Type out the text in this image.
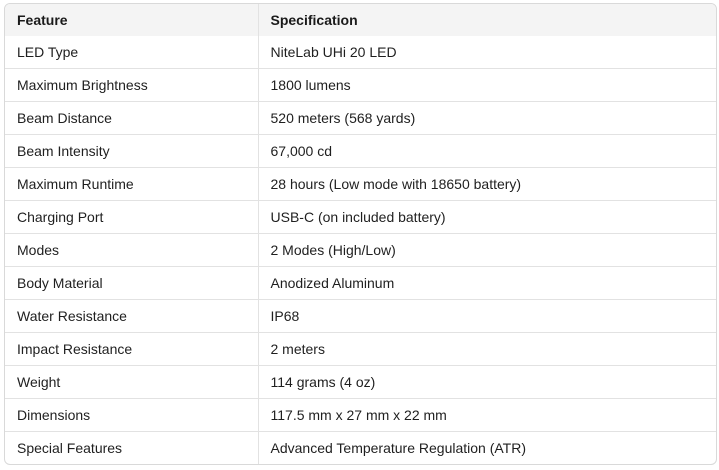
Feature	Specification
LED Type	NiteLab UHi 20 LED
Maximum Brightness	1800 lumens
Beam Distance	520 meters (568 yards)
Beam Intensity	67,000 cd
Maximum Runtime	28 hours (Low mode with 18650 battery)
Charging Port	USB-C (on included battery)
Modes	2 Modes (High/Low)
Body Material	Anodized Aluminum
Water Resistance	IP68
Impact Resistance	2 meters
Weight	114 grams (4 oz)
Dimensions	117.5 mm x 27 mm x 22 mm
Special Features	Advanced Temperature Regulation (ATR)
